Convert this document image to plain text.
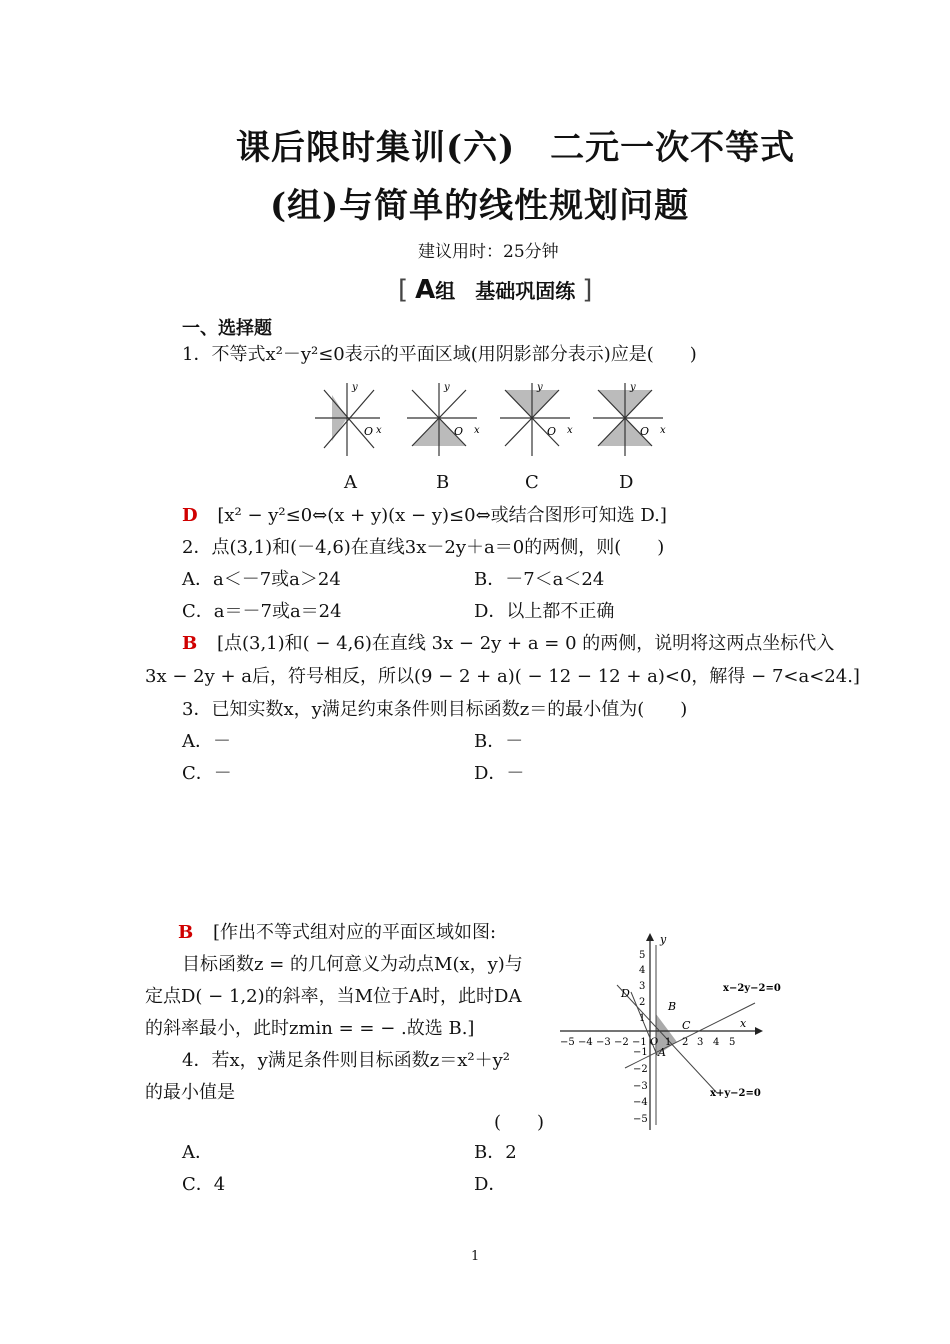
课后限时集训(六)　二元一次不等式
(组)与简单的线性规划问题
建议用时：25分钟
[ A组　基础巩固练 ]
一、选择题
1．不等式x²－y²≤0表示的平面区域(用阴影部分表示)应是(　　)
y
x
O
y
x
O
y
x
O
y
x
O
A	B	C	D
D [x² − y²≤0⇔(x + y)(x − y)≤0⇔或结合图形可知选 D.]
2．点(3,1)和(－4,6)在直线3x－2y＋a＝0的两侧，则(　　)
A．a＜－7或a＞24	B．－7＜a＜24
C．a＝－7或a＝24	D．以上都不正确
B [点(3,1)和( − 4,6)在直线 3x − 2y + a = 0 的两侧，说明将这两点坐标代入
3x − 2y + a后，符号相反，所以(9 − 2 + a)( − 12 − 12 + a)<0，解得 − 7<a<24.]
3．已知实数x，y满足约束条件则目标函数z＝的最小值为(　　)
A．－	B．－
C．－	D．－
B [作出不等式组对应的平面区域如图:
目标函数z = 的几何意义为动点M(x，y)与
定点D( − 1,2)的斜率，当M位于A时，此时DA
的斜率最小，此时zmin = = − .故选 B.]
y
x
−5 −4 −3 −2 −1 O 1 2 3 4 5
5
4
3
2
1
−1
−2
−3
−4
−5
D
B
C
A
x−2y−2=0
x+y−2=0
4．若x，y满足条件则目标函数z＝x²＋y²
的最小值是
(　　)
A．	B．2
C．4	D．
1
